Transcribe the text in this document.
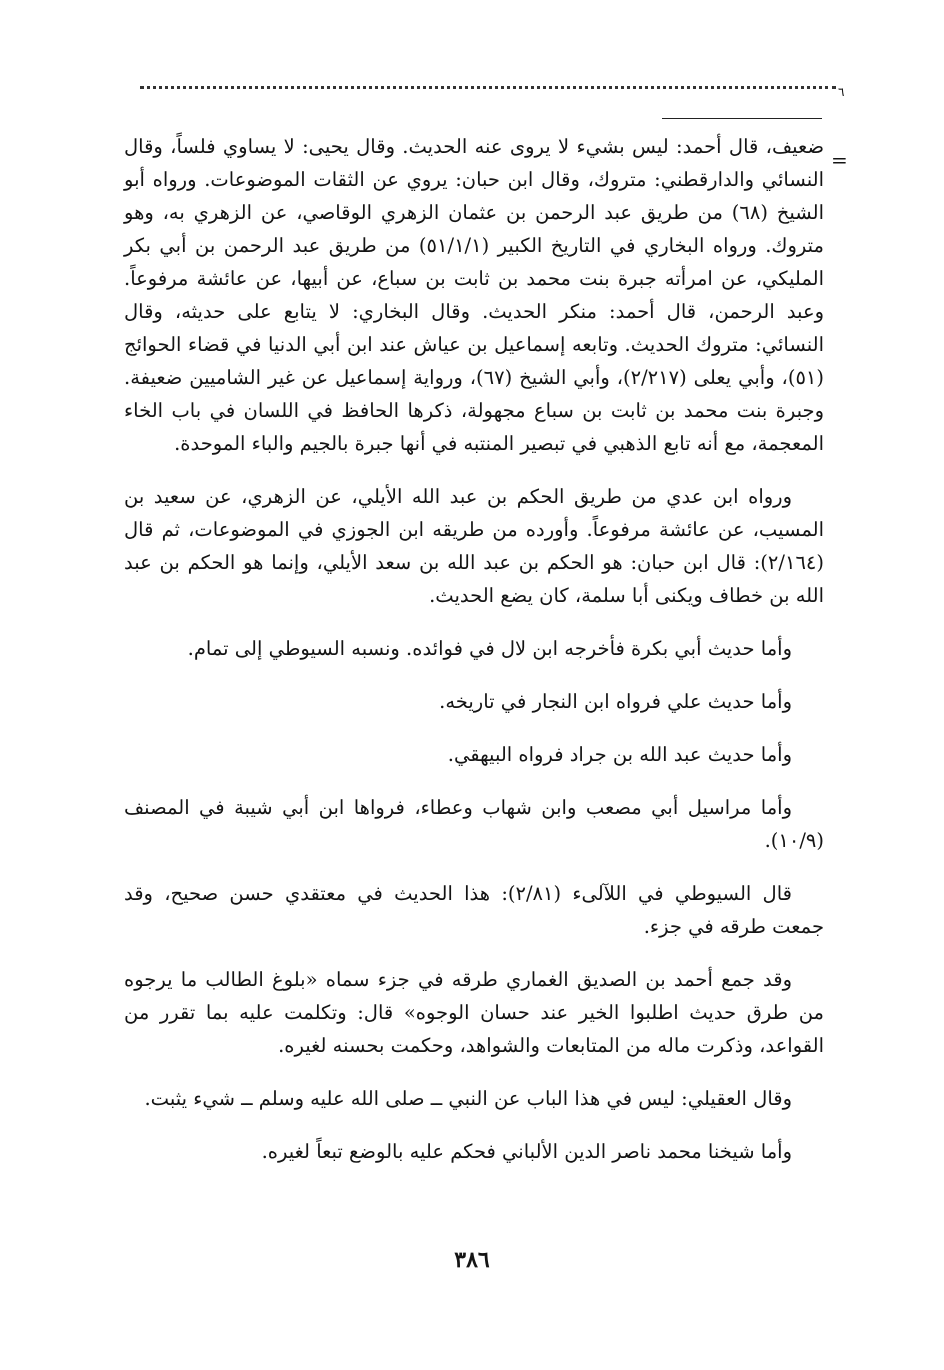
٦
=

ضعيف، قال أحمد: ليس بشيء لا يروى عنه الحديث. وقال يحيى: لا يساوي فلساً، وقال النسائي والدارقطني: متروك، وقال ابن حبان: يروي عن الثقات الموضوعات. ورواه أبو الشيخ (٦٨) من طريق عبد الرحمن بن عثمان الزهري الوقاصي، عن الزهري به، وهو متروك. ورواه البخاري في التاريخ الكبير (٥١/١/١) من طريق عبد الرحمن بن أبي بكر المليكي، عن امرأته جبرة بنت محمد بن ثابت بن سباع، عن أبيها، عن عائشة مرفوعاً. وعبد الرحمن، قال أحمد: منكر الحديث. وقال البخاري: لا يتابع على حديثه، وقال النسائي: متروك الحديث. وتابعه إسماعيل بن عياش عند ابن أبي الدنيا في قضاء الحوائج (٥١)، وأبي يعلى (٢/٢١٧)، وأبي الشيخ (٦٧)، ورواية إسماعيل عن غير الشاميين ضعيفة. وجبرة بنت محمد بن ثابت بن سباع مجهولة، ذكرها الحافظ في اللسان في باب الخاء المعجمة، مع أنه تابع الذهبي في تبصير المنتبه في أنها جبرة بالجيم والباء الموحدة.

ورواه ابن عدي من طريق الحكم بن عبد الله الأيلي، عن الزهري، عن سعيد بن المسيب، عن عائشة مرفوعاً. وأورده من طريقه ابن الجوزي في الموضوعات، ثم قال (٢/١٦٤): قال ابن حبان: هو الحكم بن عبد الله بن سعد الأيلي، وإنما هو الحكم بن عبد الله بن خطاف ويكنى أبا سلمة، كان يضع الحديث.

وأما حديث أبي بكرة فأخرجه ابن لال في فوائده. ونسبه السيوطي إلى تمام.

وأما حديث علي فرواه ابن النجار في تاريخه.

وأما حديث عبد الله بن جراد فرواه البيهقي.

وأما مراسيل أبي مصعب وابن شهاب وعطاء، فرواها ابن أبي شيبة في المصنف (١٠/٩).

قال السيوطي في اللآلىء (٢/٨١): هذا الحديث في معتقدي حسن صحيح، وقد جمعت طرقه في جزء.

وقد جمع أحمد بن الصديق الغماري طرقه في جزء سماه «بلوغ الطالب ما يرجوه من طرق حديث اطلبوا الخير عند حسان الوجوه» قال: وتكلمت عليه بما تقرر من القواعد، وذكرت ماله من المتابعات والشواهد، وحكمت بحسنه لغيره.

وقال العقيلي: ليس في هذا الباب عن النبي ــ صلى الله عليه وسلم ــ شيء يثبت.

وأما شيخنا محمد ناصر الدين الألباني فحكم عليه بالوضع تبعاً لغيره.

٣٨٦
